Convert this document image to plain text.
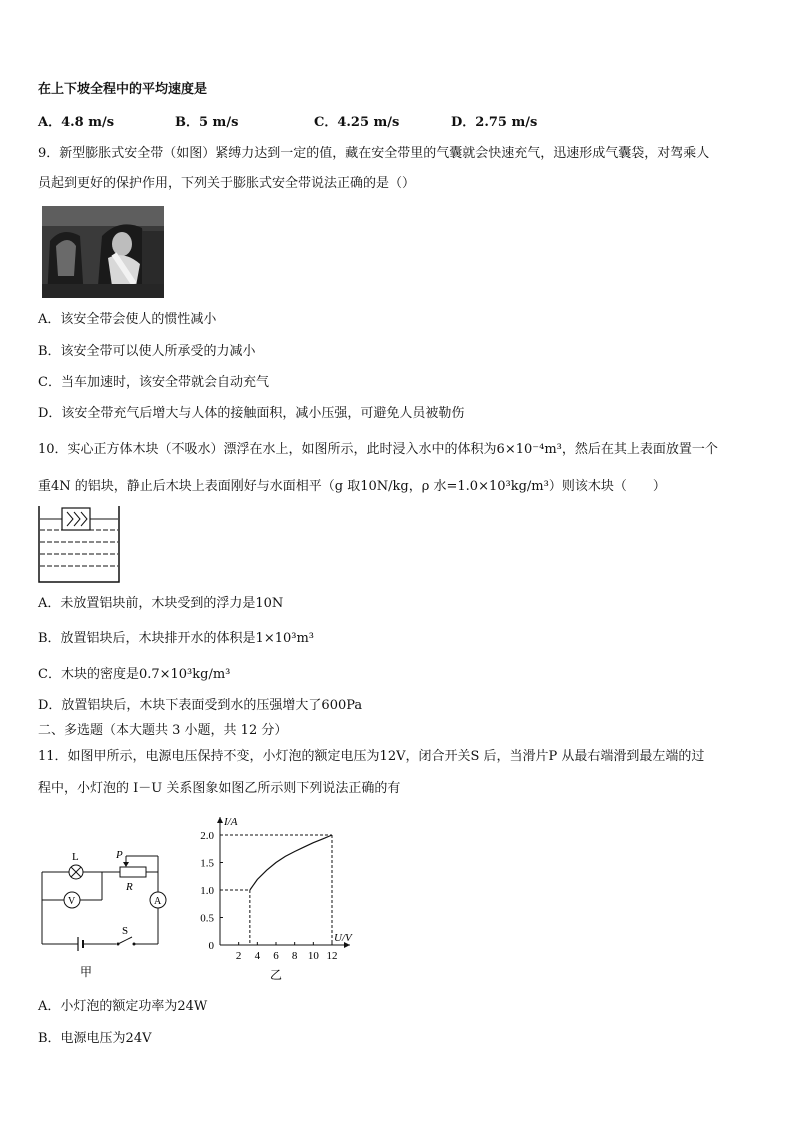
在上下坡全程中的平均速度是
A．4.8 m/s	B．5 m/s	C．4.25 m/s	D．2.75 m/s
9．新型膨胀式安全带（如图）紧缚力达到一定的值，藏在安全带里的气囊就会快速充气，迅速形成气囊袋，对驾乘人
员起到更好的保护作用，下列关于膨胀式安全带说法正确的是（）
A．该安全带会使人的惯性减小
B．该安全带可以使人所承受的力减小
C．当车加速时，该安全带就会自动充气
D．该安全带充气后增大与人体的接触面积，减小压强，可避免人员被勒伤
10．实心正方体木块（不吸水）漂浮在水上，如图所示，此时浸入水中的体积为6×10⁻⁴m³，然后在其上表面放置一个
重4N 的铝块，静止后木块上表面刚好与水面相平（g 取10N/kg，ρ 水=1.0×10³kg/m³）则该木块（　　）
A．未放置铝块前，木块受到的浮力是10N
B．放置铝块后，木块排开水的体积是1×10³m³
C．木块的密度是0.7×10³kg/m³
D．放置铝块后，木块下表面受到水的压强增大了600Pa
二、多选题（本大题共 3 小题，共 12 分）
11．如图甲所示，电源电压保持不变，小灯泡的额定电压为12V，闭合开关S 后，当滑片P 从最右端滑到最左端的过
程中，小灯泡的 I－U 关系图象如图乙所示则下列说法正确的有
L
V
R
P
A
S
甲
I/A
U/V
2 4 6 8 10 12
0
0.5
1.0
1.5
2.0
乙
A．小灯泡的额定功率为24W
B．电源电压为24V
